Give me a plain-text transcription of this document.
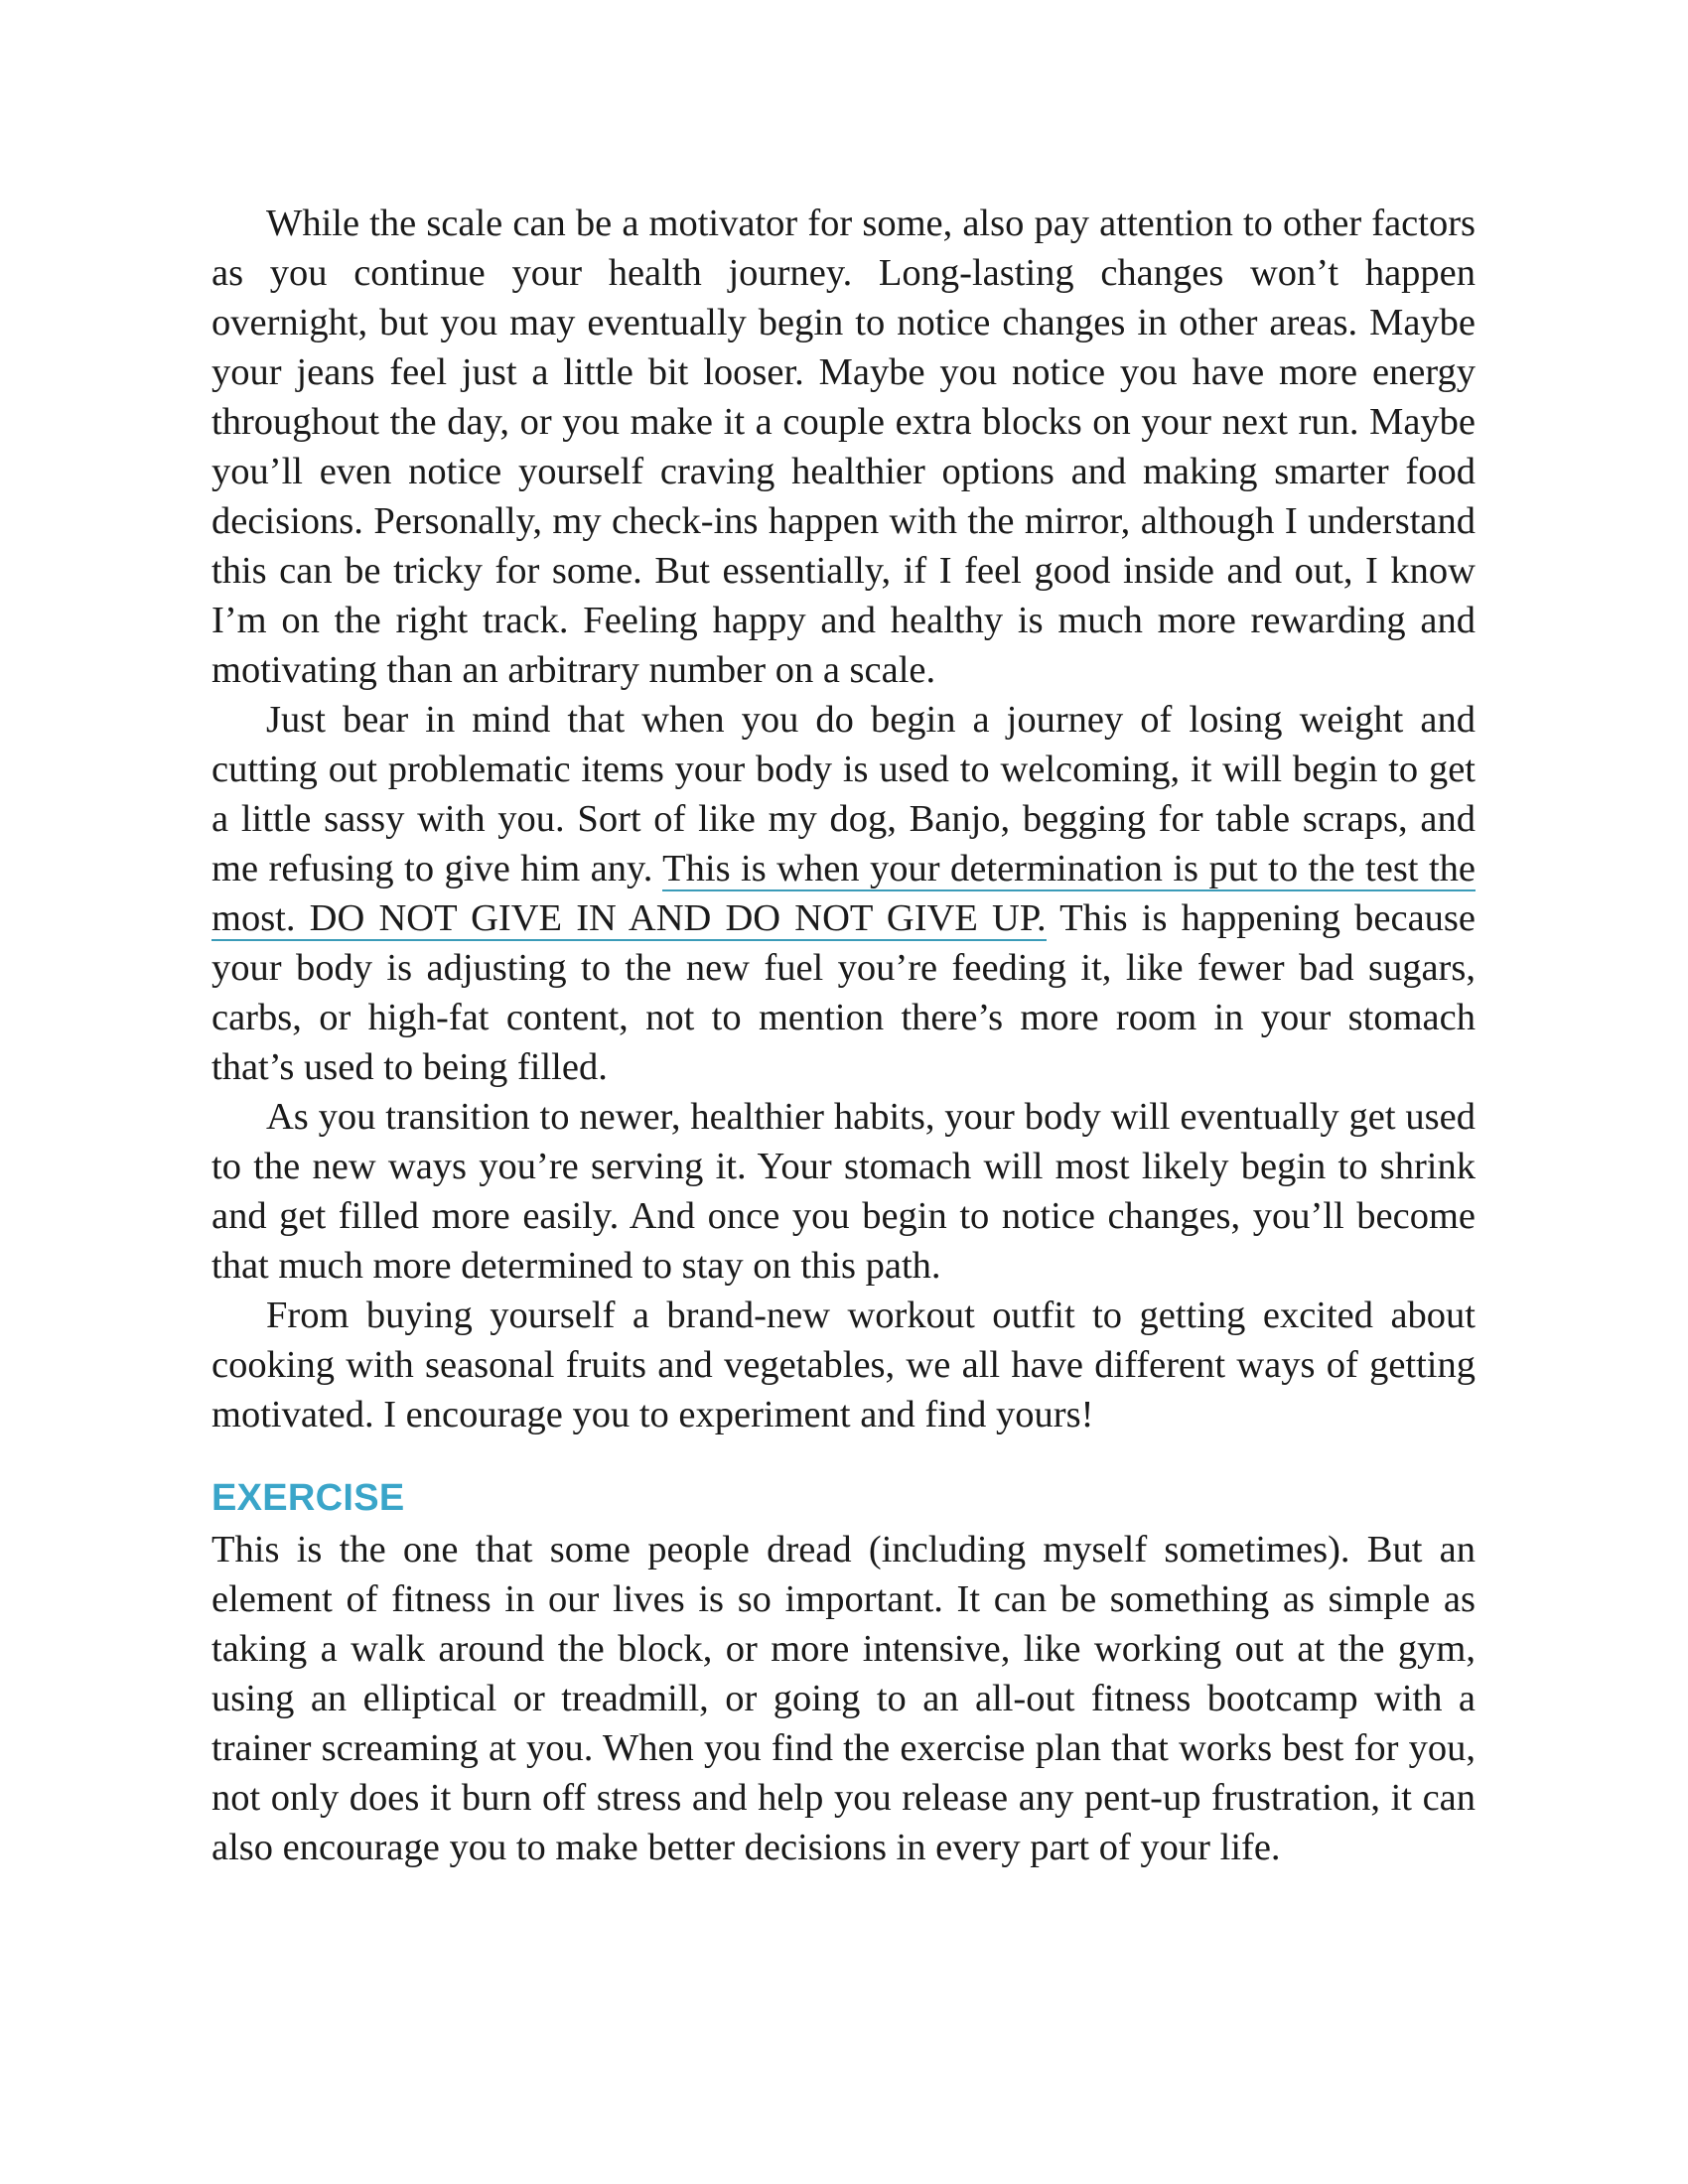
While the scale can be a motivator for some, also pay attention to other factors as you continue your health journey. Long-lasting changes won’t happen overnight, but you may eventually begin to notice changes in other areas. Maybe your jeans feel just a little bit looser. Maybe you notice you have more energy throughout the day, or you make it a couple extra blocks on your next run. Maybe you’ll even notice yourself craving healthier options and making smarter food decisions. Personally, my check-ins happen with the mirror, although I understand this can be tricky for some. But essentially, if I feel good inside and out, I know I’m on the right track. Feeling happy and healthy is much more rewarding and motivating than an arbitrary number on a scale.

Just bear in mind that when you do begin a journey of losing weight and cutting out problematic items your body is used to welcoming, it will begin to get a little sassy with you. Sort of like my dog, Banjo, begging for table scraps, and me refusing to give him any. This is when your determination is put to the test the most. DO NOT GIVE IN AND DO NOT GIVE UP. This is happening because your body is adjusting to the new fuel you’re feeding it, like fewer bad sugars, carbs, or high-fat content, not to mention there’s more room in your stomach that’s used to being filled.

As you transition to newer, healthier habits, your body will eventually get used to the new ways you’re serving it. Your stomach will most likely begin to shrink and get filled more easily. And once you begin to notice changes, you’ll become that much more determined to stay on this path.

From buying yourself a brand-new workout outfit to getting excited about cooking with seasonal fruits and vegetables, we all have different ways of getting motivated. I encourage you to experiment and find yours!

EXERCISE

This is the one that some people dread (including myself sometimes). But an element of fitness in our lives is so important. It can be something as simple as taking a walk around the block, or more intensive, like working out at the gym, using an elliptical or treadmill, or going to an all-out fitness bootcamp with a trainer screaming at you. When you find the exercise plan that works best for you, not only does it burn off stress and help you release any pent-up frustration, it can also encourage you to make better decisions in every part of your life.
